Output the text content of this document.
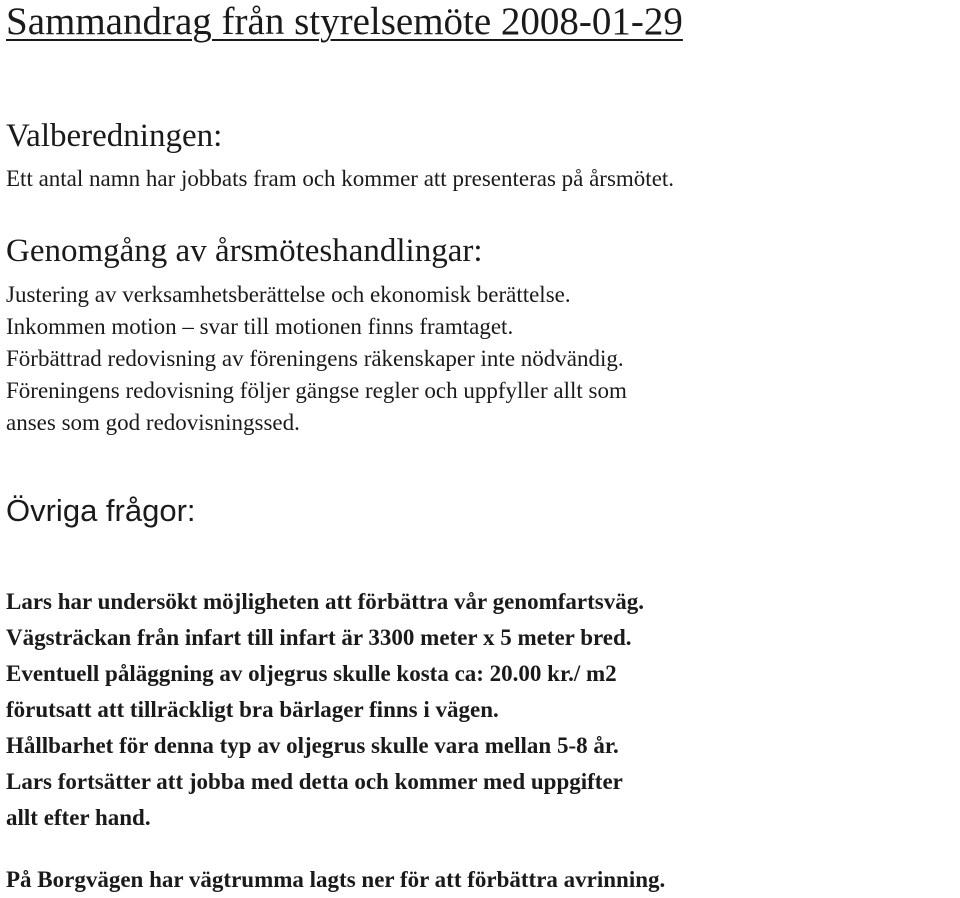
Sammandrag från styrelsemöte 2008-01-29
Valberedningen:
Ett antal namn har jobbats fram och kommer att presenteras på årsmötet.
Genomgång av årsmöteshandlingar:
Justering av verksamhetsberättelse och ekonomisk berättelse.
Inkommen motion – svar till motionen finns framtaget.
Förbättrad redovisning av föreningens räkenskaper inte nödvändig.
Föreningens redovisning följer gängse regler och uppfyller allt som
anses som god redovisningssed.
Övriga frågor:
Lars har undersökt möjligheten att förbättra vår genomfartsväg.
Vägsträckan från infart till infart är 3300 meter x 5 meter bred.
Eventuell påläggning av oljegrus skulle kosta ca: 20.00 kr./ m2
förutsatt att tillräckligt bra bärlager finns i vägen.
Hållbarhet för denna typ av oljegrus skulle vara mellan 5-8 år.
Lars fortsätter att jobba med detta och kommer med uppgifter
allt efter hand.

På Borgvägen har vägtrumma lagts ner för att förbättra avrinning.
